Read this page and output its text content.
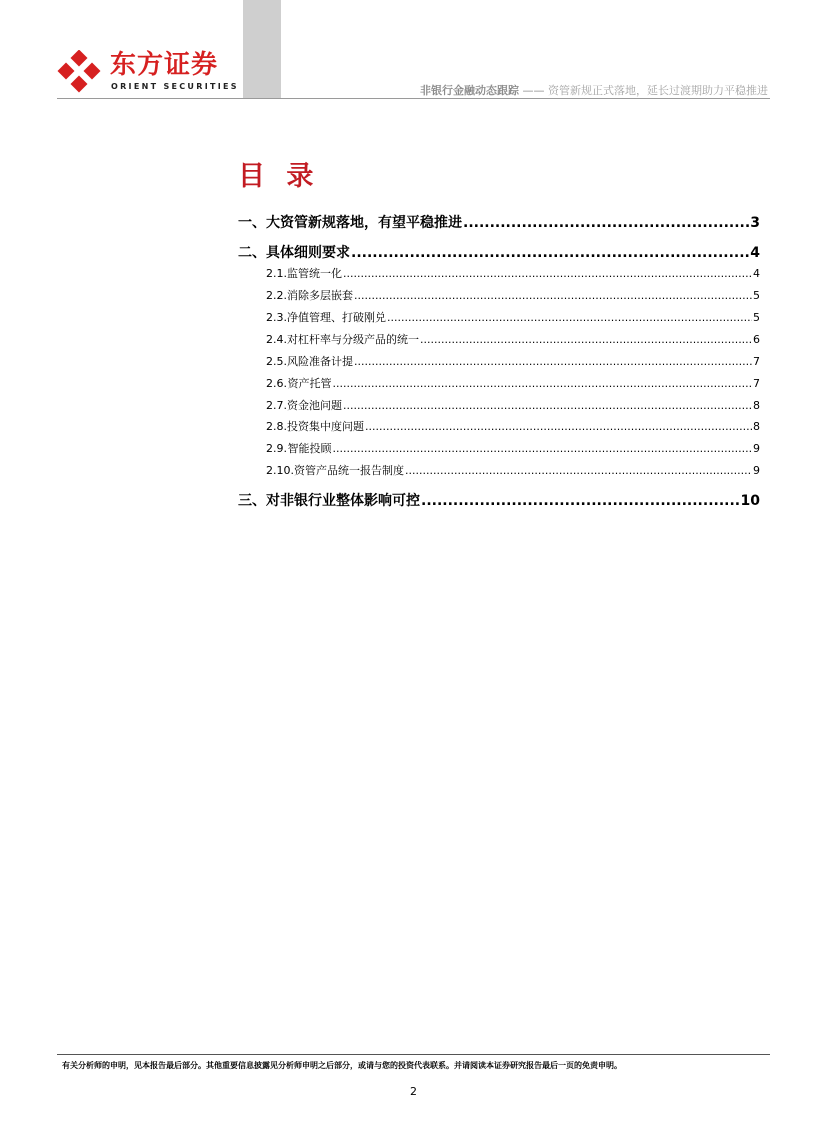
东方证券
ORIENT SECURITIES	非银行金融动态跟踪 —— 资管新规正式落地，延长过渡期助力平稳推进
目 录
一、 大资管新规落地，有望平稳推进 .....	3
二、 具体细则要求 .....	4
2.1. 监管统一化 .....	4
2.2. 消除多层嵌套 .....	5
2.3. 净值管理、打破刚兑 .....	5
2.4. 对杠杆率与分级产品的统一 .....	6
2.5. 风险准备计提 .....	7
2.6. 资产托管 .....	7
2.7. 资金池问题 .....	8
2.8. 投资集中度问题 .....	8
2.9. 智能投顾 .....	9
2.10. 资管产品统一报告制度 .....	9
三、 对非银行业整体影响可控 .....	10
有关分析师的申明，见本报告最后部分。其他重要信息披露见分析师申明之后部分，或请与您的投资代表联系。并请阅读本证券研究报告最后一页的免责申明。
2
